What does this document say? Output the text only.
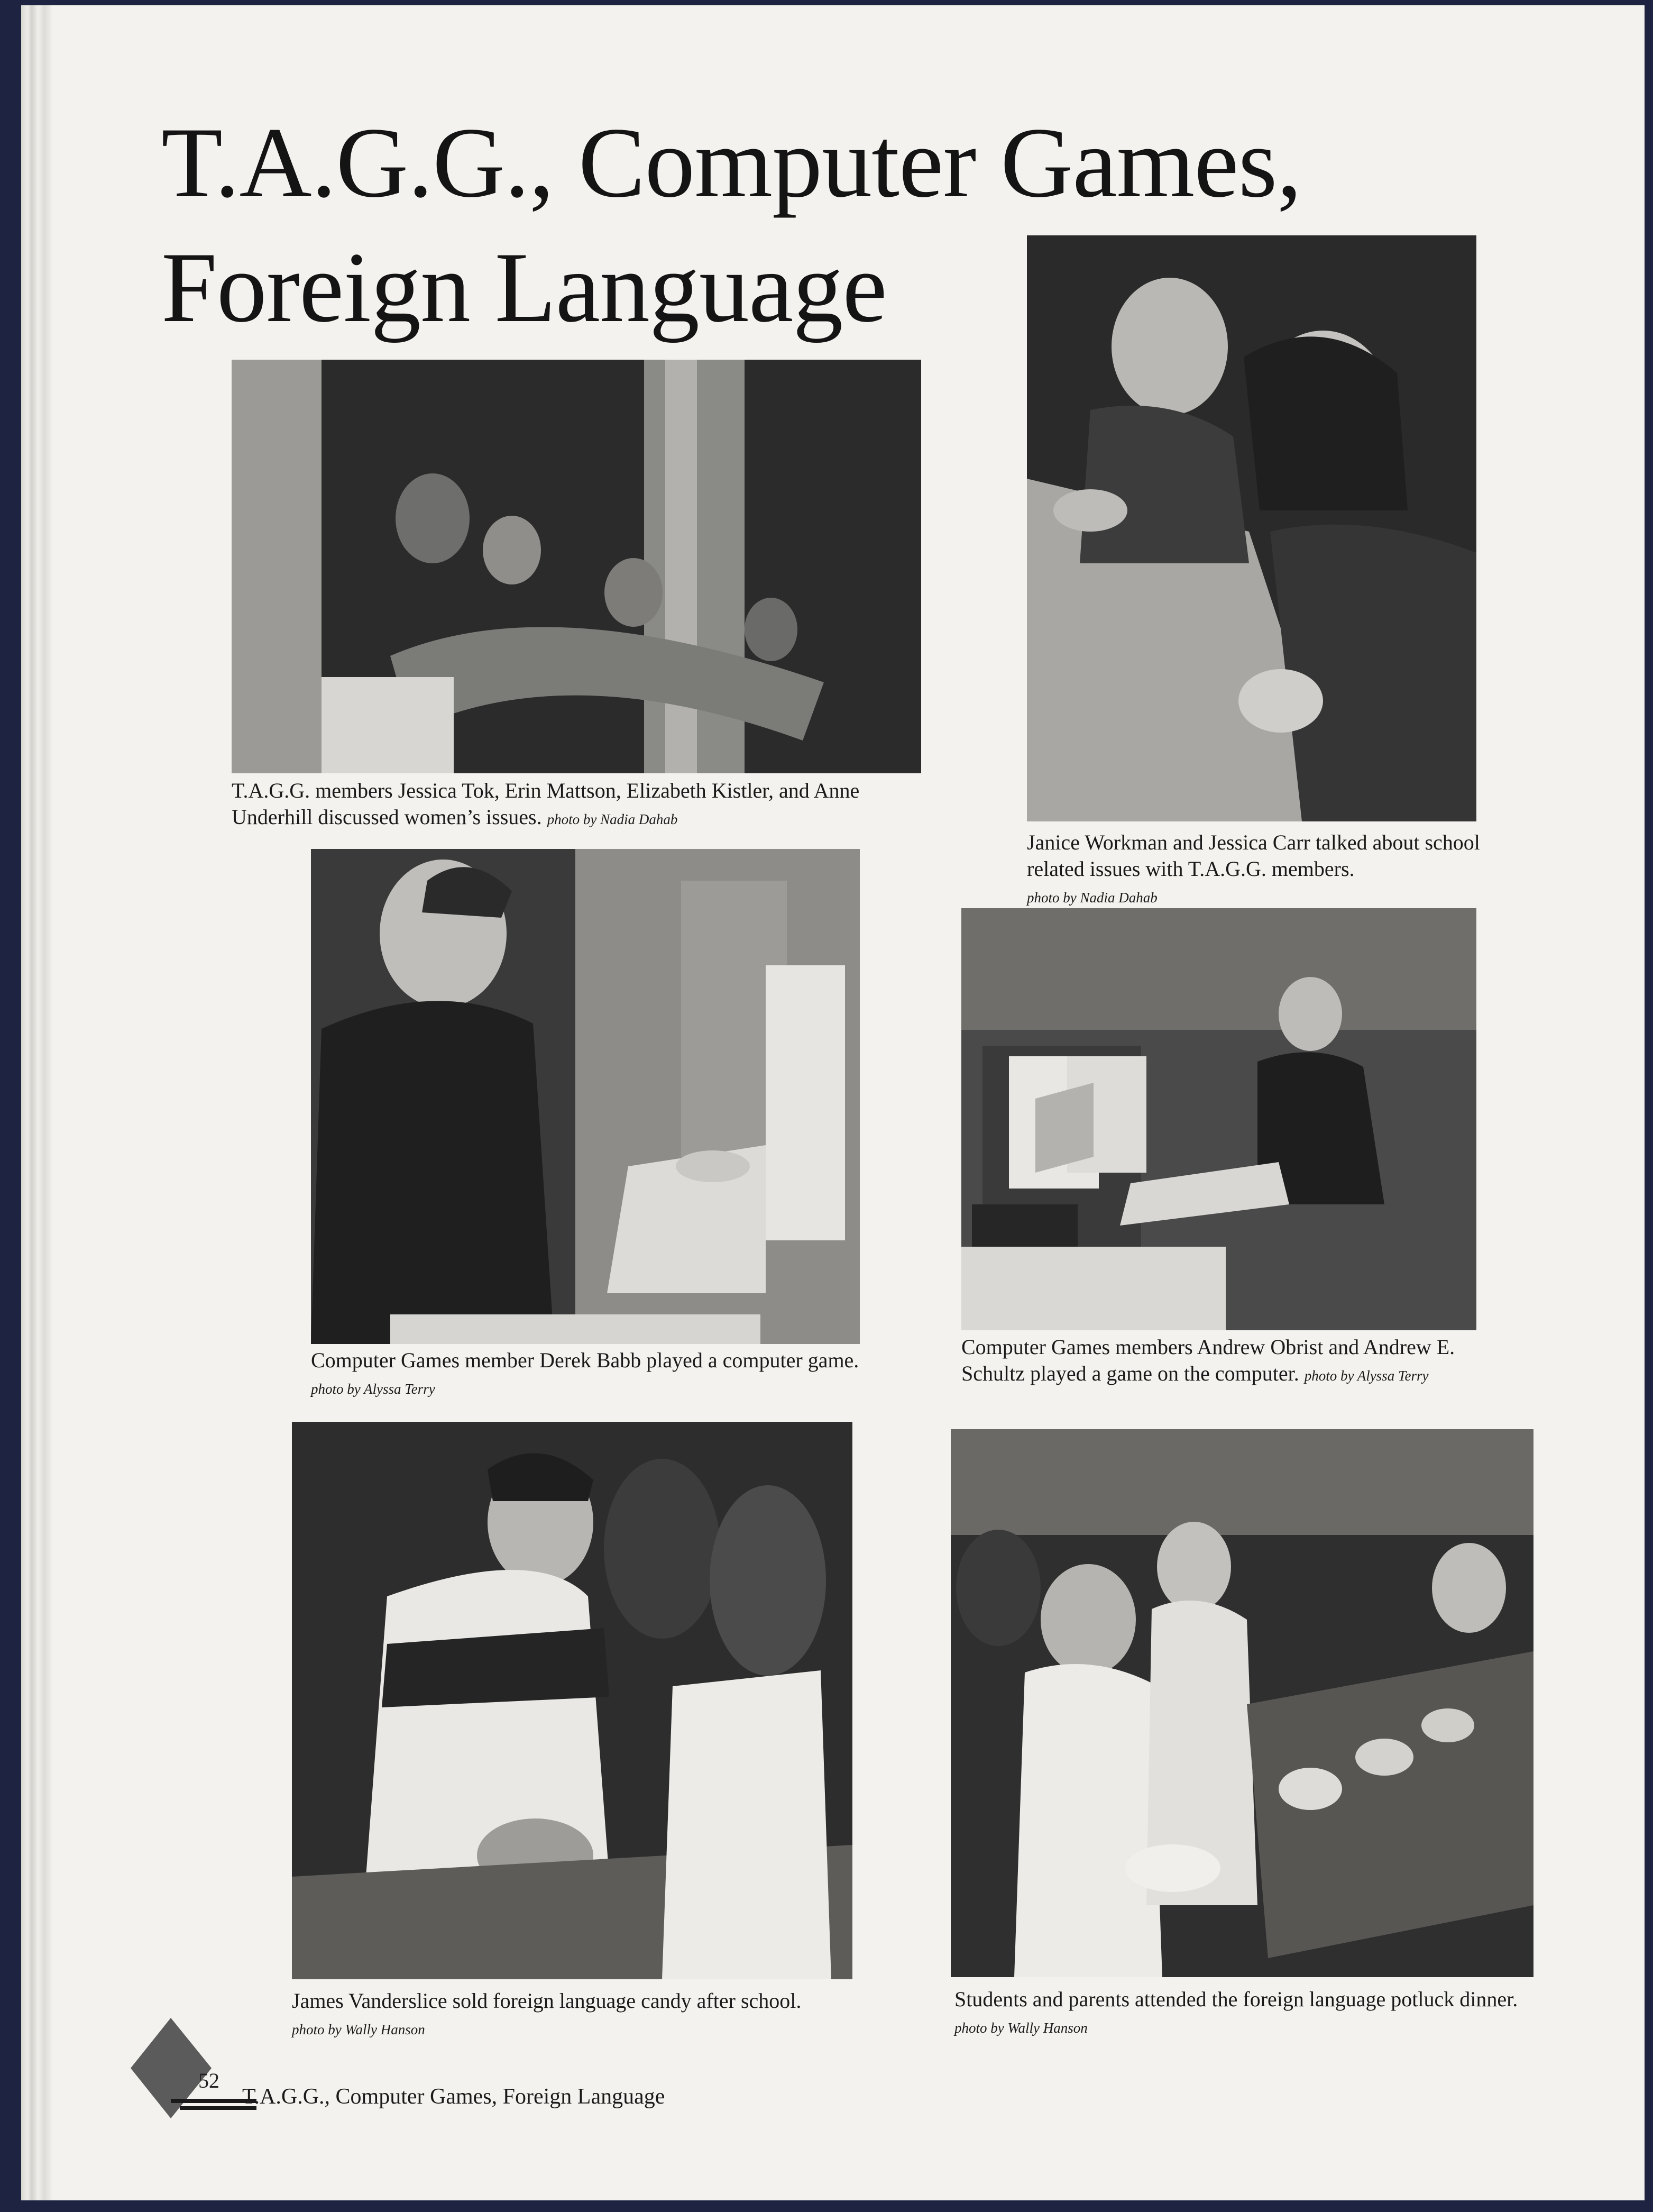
T.A.G.G., Computer Games,
Foreign Language
T.A.G.G. members Jessica Tok, Erin Mattson, Elizabeth Kistler, and Anne Underhill discussed women’s issues. photo by Nadia Dahab
Janice Workman and Jessica Carr talked about school related issues with T.A.G.G. members.
photo by Nadia Dahab
Computer Games member Derek Babb played a computer game. photo by Alyssa Terry
Computer Games members Andrew Obrist and Andrew E. Schultz played a game on the computer. photo by Alyssa Terry
James Vanderslice sold foreign language candy after school.
photo by Wally Hanson
Students and parents attended the foreign language potluck dinner. photo by Wally Hanson
52
T.A.G.G., Computer Games, Foreign Language
